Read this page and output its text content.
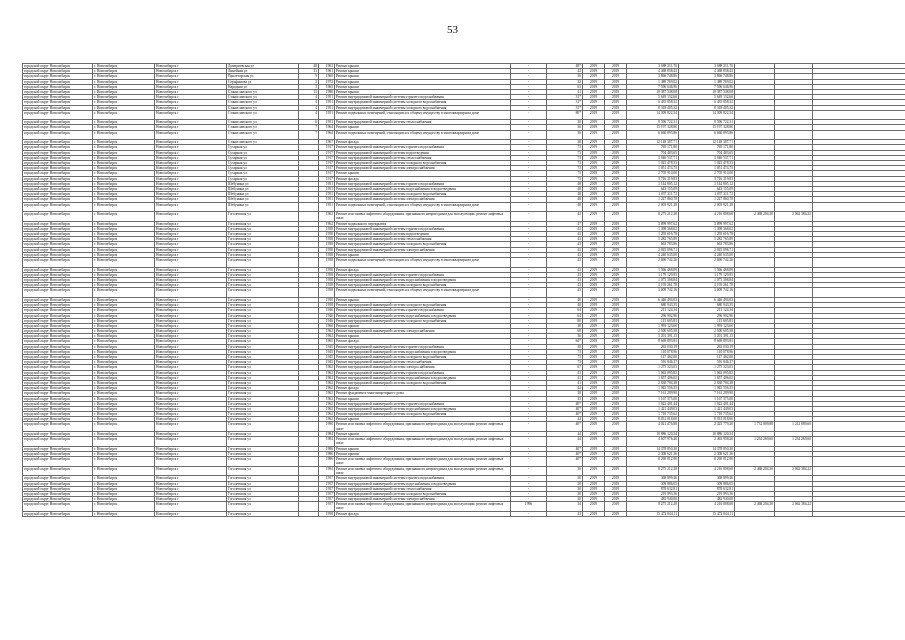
53
городской округ Новосибирск	г. Новосибирск	Новосибирск г	Дмитриевская ул	48	1963	Ремонт крыши	-	48*	2019	2019	3 688 211,76	3 688 211,76			
городской округ Новосибирск	г. Новосибирск	Новосибирск г	Линейная ул	33	1961	Ремонт крыши	-	42	2019	2019	4 468 838,43	4 468 838,43			
городской округ Новосибирск	г. Новосибирск	Новосибирск г	Пролетарская ул	9	1960	Ремонт крыши	-	36	2019	2019	3 866 748,86	3 866 748,86			
городской округ Новосибирск	г. Новосибирск	Новосибирск г	Серафимова ул	3	1972	Ремонт крыши	-	32	2019	2019	1 489 769,02	1 489 769,02			
городской округ Новосибирск	г. Новосибирск	Новосибирск г	Народная ул	3	1965	Ремонт крыши	-	63	2019	2019	7 596 646,96	7 596 646,96			
городской округ Новосибирск	г. Новосибирск	Новосибирск г	Станиславского ул	13	1988	Ремонт крыши	-	41	2019	2019	10 387 348,08	10 387 348,08			
городской округ Новосибирск	г. Новосибирск	Новосибирск г	Станиславского ул	4	1951	Ремонт внутридомовой инженерной системы горячего водоснабжения	-	31*	2019	2019	5 649 132,66	5 649 132,66			
городской округ Новосибирск	г. Новосибирск	Новосибирск г	Станиславского ул	4	1951	Ремонт внутридомовой инженерной системы холодного водоснабжения	-	31*	2019	2019	6 435 858,32	6 435 858,32			
городской округ Новосибирск	г. Новосибирск	Новосибирск г	Станиславского ул	4	1951	Ремонт внутридомовой инженерной системы холодного водоснабжения	-	31*	2019	2019	8 318 405,32	8 318 405,32			
городской округ Новосибирск	г. Новосибирск	Новосибирск г	Станиславского ул	4	1951	Ремонт подвальных помещений, относящихся к общему имуществу в многоквартирном доме	-	80*	2019	2019	14 309 822,54	14 309 822,54			
городской округ Новосибирск	г. Новосибирск	Новосибирск г	Станиславского ул	6	1951	Ремонт внутридомовой инженерной системы теплоснабжения	-	30	2019	2019	8 596 722,31	8 596 722,31			
городской округ Новосибирск	г. Новосибирск	Новосибирск г	Станиславского ул	7	1964	Ремонт крыши	-	36	2019	2019	15 197 328,80	15 197 328,80			
городской округ Новосибирск	г. Новосибирск	Новосибирск г	Станиславского ул	7	1964	Ремонт подвальных помещений, относящихся к общему имуществу в многоквартирном доме	-	36	2019	2019	6 660 893,86	6 660 893,86			
городской округ Новосибирск	г. Новосибирск	Новосибирск г	Станиславского ул		1967	Ремонт фасада	-	38	2019	2019	12 148 387,71	12 148 387,71			
городской округ Новосибирск	г. Новосибирск	Новосибирск г	Сухарная ул		1917	Ремонт внутридомовой инженерной системы горячего водоснабжения	-	73	2019	2019	765 171,80	765 171,80			
городской округ Новосибирск	г. Новосибирск	Новосибирск г	Сухарная ул		1917	Ремонт внутридомовой инженерной системы водоотведения	-	73	2019	2019	704 483,65	704 483,65			
городской округ Новосибирск	г. Новосибирск	Новосибирск г	Сухарная ул		1917	Ремонт внутридомовой инженерной системы теплоснабжения	-	73	2019	2019	3 046 537,71	3 046 537,71			
городской округ Новосибирск	г. Новосибирск	Новосибирск г	Сухарная ул		1917	Ремонт внутридомовой инженерной системы холодного водоснабжения	-	73	2019	2019	1 023 478,53	1 023 478,53			
городской округ Новосибирск	г. Новосибирск	Новосибирск г	Сухарная ул		1917	Ремонт внутридомовой инженерной системы электроснабжения	-	73	2019	2019	1 051 474,75	1 051 474,75			
городской округ Новосибирск	г. Новосибирск	Новосибирск г	Сухарная ул		1917	Ремонт крыши	-	73	2019	2019	2 705 914,00	2 705 914,00			
городской округ Новосибирск	г. Новосибирск	Новосибирск г	Сухарная ул		1917	Ремонт фасада	-	73	2019	2019	3 716 319,83	3 716 319,83			
городской округ Новосибирск	г. Новосибирск	Новосибирск г	Шебунина ул		1951	Ремонт внутридомовой инженерной системы горячего водоснабжения	-	48	2019	2019	1 144 805,12	1 144 805,12			
городской округ Новосибирск	г. Новосибирск	Новосибирск г	Шебунина ул		1951	Ремонт внутридомовой инженерной системы водоснабжения и водоотведения	-	48	2019	2019	643 155,09	643 155,09			
городской округ Новосибирск	г. Новосибирск	Новосибирск г	Шебунина ул		1951	Ремонт внутридомовой инженерной системы холодного водоснабжения	-	48	2019	2019	1 037 311,72	1 037 311,72			
городской округ Новосибирск	г. Новосибирск	Новосибирск г	Шебунина ул		1951	Ремонт внутридомовой инженерной системы электроснабжения	-	48	2019	2019	1 227 860,78	1 227 860,78			
городской округ Новосибирск	г. Новосибирск	Новосибирск г	Шебунина ул		1951	Ремонт подвальных помещений, относящихся к общему имуществу в многоквартирном доме	-	48	2019	2019	2 003 921,28	2 003 921,28			
городской округ Новосибирск	г. Новосибирск	Новосибирск г	Гоголевская ул		1962	Ремонт или замена лифтового оборудования, признанного непригодным для эксплуатации, ремонт лифтовых шахт	-	42	2019	2019	8 275 212,28	4 216 808,68	2 468 204,30	2 062 384,22	
городской округ Новосибирск	г. Новосибирск	Новосибирск г	Гоголевская ул		1962	Ремонт подвального перекрытия	-	47	2019	2019	3 899 997,62	3 899 997,62			
городской округ Новосибирск	г. Новосибирск	Новосибирск г	Гоголевская ул		1958	Ремонт внутридомовой инженерной системы горячего водоснабжения	-	43	2019	2019	1 398 368,02	1 398 368,02			
городской округ Новосибирск	г. Новосибирск	Новосибирск г	Гоголевская ул		1958	Ремонт внутридомовой инженерной системы водоотведения	-	43	2019	2019	1 295 616,78	1 295 616,78			
городской округ Новосибирск	г. Новосибирск	Новосибирск г	Гоголевская ул		1958	Ремонт внутридомовой инженерной системы теплоснабжения	-	43	2019	2019	5 282 765,89	5 282 765,89			
городской округ Новосибирск	г. Новосибирск	Новосибирск г	Гоголевская ул		1958	Ремонт внутридомовой инженерной системы холодного водоснабжения	-	43	2019	2019	663 783,86	663 783,86			
городской округ Новосибирск	г. Новосибирск	Новосибирск г	Гоголевская ул		1958	Ремонт внутридомовой инженерной системы электроснабжения	-	43	2019	2019	2 025 096,71	2 025 096,71			
городской округ Новосибирск	г. Новосибирск	Новосибирск г	Гоголевская ул		1958	Ремонт крыши	-	43	2019	2019	4 240 635,00	4 240 635,00			
городской округ Новосибирск	г. Новосибирск	Новосибирск г	Гоголевская ул		1958	Ремонт подвальных помещений, относящихся к общему имуществу в многоквартирном доме	-	43	2019	2019	2 696 742,26	2 696 742,26			
городской округ Новосибирск	г. Новосибирск	Новосибирск г	Гоголевская ул		1958	Ремонт фасада	-	43	2019	2019	1 366 468,89	1 366 468,89			
городской округ Новосибирск	г. Новосибирск	Новосибирск г	Гоголевская ул		1958	Ремонт внутридомовой инженерной системы горячего водоснабжения	-	43	2019	2019	1 179 129,95	1 179 129,95			
городской округ Новосибирск	г. Новосибирск	Новосибирск г	Гоголевская ул		1958	Ремонт внутридомовой инженерной системы водоснабжения и водоотведения	-	43	2019	2019	1 075 308,84	1 075 308,84			
городской округ Новосибирск	г. Новосибирск	Новосибирск г	Гоголевская ул		1958	Ремонт внутридомовой инженерной системы холодного водоснабжения	-	43	2019	2019	3 195 261,78	3 195 261,78			
городской округ Новосибирск	г. Новосибирск	Новосибирск г	Гоголевская ул		1958	Ремонт подвальных помещений, относящихся к общему имуществу в многоквартирном доме	-	43	2019	2019	3 009 742,16	3 009 742,16			
городской округ Новосибирск	г. Новосибирск	Новосибирск г	Гоголевская ул		1958	Ремонт крыши	-	40	2019	2019	6 446 494,03	6 446 494,03			
городской округ Новосибирск	г. Новосибирск	Новосибирск г	Гоголевская ул		1958	Ремонт внутридомовой инженерной системы холодного водоснабжения	-	40	2019	2019	680 943,35	680 943,35			
городской округ Новосибирск	г. Новосибирск	Новосибирск г	Гоголевская ул		1946	Ремонт внутридомовой инженерной системы горячего водоснабжения	-	64	2019	2019	213 124,34	213 124,34			
городской округ Новосибирск	г. Новосибирск	Новосибирск г	Гоголевская ул		1946	Ремонт внутридомовой инженерной системы водоснабжения и водоотведения	-	64	2019	2019	296 902,96	296 902,96			
городской округ Новосибирск	г. Новосибирск	Новосибирск г	Гоголевская ул		1946	Ремонт внутридомовой инженерной системы холодного водоснабжения	-	80	2019	2019	115 605,83	115 605,83			
городской округ Новосибирск	г. Новосибирск	Новосибирск г	Гоголевская ул		1960	Ремонт крыши	-	38	2019	2019	1 993 123,60	1 993 123,60			
городской округ Новосибирск	г. Новосибирск	Новосибирск г	Гоголевская ул		1962	Ремонт внутридомовой инженерной системы электроснабжения	-	60	2019	2019	2 500 605,58	2 500 605,58			
городской округ Новосибирск	г. Новосибирск	Новосибирск г	Гоголевская ул		1962	Ремонт крыши	-	36	2019	2019	5 201 391,13	5 201 391,13			
городской округ Новосибирск	г. Новосибирск	Новосибирск г	Гоголевская ул		1965	Ремонт фасада	-	64*	2019	2019	8 669 893,83	8 669 893,83			
городской округ Новосибирск	г. Новосибирск	Новосибирск г	Гоголевская ул		1945	Ремонт внутридомовой инженерной системы горячего водоснабжения	-	30	2019	2019	263 030,19	263 030,19			
городской округ Новосибирск	г. Новосибирск	Новосибирск г	Гоголевская ул		1945	Ремонт внутридомовой инженерной системы водоснабжения и водоотведения	-	73	2019	2019	110 078,96	110 078,96			
городской округ Новосибирск	г. Новосибирск	Новосибирск г	Гоголевская ул		1945	Ремонт внутридомовой инженерной системы холодного водоснабжения	-	73	2019	2019	147 462,00	147 462,00			
городской округ Новосибирск	г. Новосибирск	Новосибирск г	Гоголевская ул		1945	Ремонт внутридомовой инженерной системы теплоснабжения	-	73	2019	2019	516 846,37	516 846,37			
городской округ Новосибирск	г. Новосибирск	Новосибирск г	Гоголевская ул		1962	Ремонт внутридомовой инженерной системы электроснабжения	-	67	2019	2019	1 275 323,03	1 275 323,03			
городской округ Новосибирск	г. Новосибирск	Новосибирск г	Гоголевская ул		1962	Ремонт внутридомовой инженерной системы горячего водоснабжения	-	41	2019	2019	1 063 095,85	1 063 095,85			
городской округ Новосибирск	г. Новосибирск	Новосибирск г	Гоголевская ул		1962	Ремонт внутридомовой инженерной системы водоснабжения и водоотведения	-	41	2019	2019	1 657 406,65	1 657 406,65			
городской округ Новосибирск	г. Новосибирск	Новосибирск г	Гоголевская ул		1962	Ремонт внутридомовой инженерной системы холодного водоснабжения	-	41	2019	2019	2 630 794,38	2 630 794,38			
городской округ Новосибирск	г. Новосибирск	Новосибирск г	Гоголевская ул		1962	Ремонт фасада	-	42	2019	2019	1 945 556,35	1 945 556,35			
городской округ Новосибирск	г. Новосибирск	Новосибирск г	Гоголевская ул		1962	Ремонт фундамента многоквартирного дома	-	38	2019	2019	7 161 209,90	7 161 209,90			
городской округ Новосибирск	г. Новосибирск	Новосибирск г	Гоголевская ул		1962	Ремонт крыши	-	35	2019	2019	1 167 375,00	1 167 375,00			
городской округ Новосибирск	г. Новосибирск	Новосибирск г	Гоголевская ул		1962	Ремонт внутридомовой инженерной системы горячего водоснабжения	-	40*	2019	2019	1 022 401,44	1 022 401,44			
городской округ Новосибирск	г. Новосибирск	Новосибирск г	Гоголевская ул		1962	Ремонт внутридомовой инженерной системы водоснабжения и водоотведения	-	40*	2019	2019	1 421 449,03	1 421 449,03			
городской округ Новосибирск	г. Новосибирск	Новосибирск г	Гоголевская ул		1962	Ремонт внутридомовой инженерной системы холодного водоснабжения	-	40*	2019	2019	1 718 735,62	1 718 735,62			
городской округ Новосибирск	г. Новосибирск	Новосибирск г	Гоголевская ул		1962	Ремонт крыши	-	42	2019	2019	8 031 018,00	8 031 018,00			
городской округ Новосибирск	г. Новосибирск	Новосибирск г	Гоголевская ул		1990	Ремонт или замена лифтового оборудования, признанного непригодным для эксплуатации, ремонт лифтовых шахт	-	40*	2019	2019	4 021 476,88	2 425 779,20	1 732 809,88	1 212 889,60	
городской округ Новосибирск	г. Новосибирск	Новосибирск г	Гоголевская ул		1984	Ремонт крыши	-	44	2019	2019	10 886 120,34	10 886 120,34			
городской округ Новосибирск	г. Новосибирск	Новосибирск г	Гоголевская ул		1984	Ремонт или замена лифтового оборудования, признанного непригодным для эксплуатации, ремонт лифтовых шахт	-	44	2019	2019	4 607 976,40	2 463 958,20	1 234 269,60	1 234 269,60	
городской округ Новосибирск	г. Новосибирск	Новосибирск г	Гоголевская ул		1986	Ремонт крыши	-	40*	2019	2019	14 378 850,30	14 378 850,30			
городской округ Новосибирск	г. Новосибирск	Новосибирск г	Гоголевская ул		1986	Ремонт крыши	-	40*	2019	2019	2 308 621,36	2 308 621,36			
городской округ Новосибирск	г. Новосибирск	Новосибирск г	Гоголевская ул		1986	Ремонт или замена лифтового оборудования, признанного непригодным для эксплуатации, ремонт лифтовых шахт	-	40*	2019	2019	8 269 812,90	8 269 812,90			
городской округ Новосибирск	г. Новосибирск	Новосибирск г	Гоголевская ул		1994	Ремонт или замена лифтового оборудования, признанного непригодным для эксплуатации, ремонт лифтовых шахт	-	30	2019	2019	8 275 212,28	4 216 808,68	2 468 204,30	2 062 384,22	
городской округ Новосибирск	г. Новосибирск	Новосибирск г	Гоголевская ул		1957	Ремонт внутридомовой инженерной системы горячего водоснабжения	-	30	2019	2019	368 899,46	368 899,46			
городской округ Новосибирск	г. Новосибирск	Новосибирск г	Гоголевская ул		1957	Ремонт внутридомовой инженерной системы водоснабжения и водоотведения	-	30	2019	2019	309 886,05	309 886,05			
городской округ Новосибирск	г. Новосибирск	Новосибирск г	Гоголевская ул		1957	Ремонт внутридомовой инженерной системы теплоснабжения	-	30	2019	2019	878 632,81	878 632,81			
городской округ Новосибирск	г. Новосибирск	Новосибирск г	Гоголевская ул		1957	Ремонт внутридомовой инженерной системы холодного водоснабжения	-	30	2019	2019	219 893,36	219 893,36			
городской округ Новосибирск	г. Новосибирск	Новосибирск г	Гоголевская ул		1957	Ремонт внутридомовой инженерной системы электроснабжения	-	30	2019	2019	482 940,00	482 940,00			
городской округ Новосибирск	г. Новосибирск	Новосибирск г	Гоголевская ул		1957	Ремонт или замена лифтового оборудования, признанного непригодным для эксплуатации, ремонт лифтовых шахт	1996	34	2019	2019	8 275 212,28	4 216 808,68	2 468 204,30	2 062 384,22	
городской округ Новосибирск	г. Новосибирск	Новосибирск г	Гоголевская ул		1958	Ремонт фасада	-	43	2019	2019	15 472 844,11	15 472 844,11			
